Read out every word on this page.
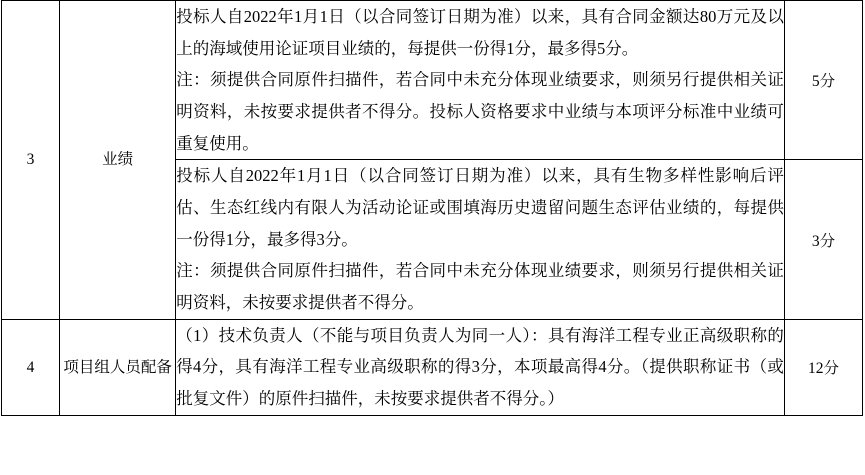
3	业绩	投标人自2022年1月1日（以合同签订日期为准）以来，具有合同金额达80万元及以上的海域使用论证项目业绩的，每提供一份得1分，最多得5分。

注：须提供合同原件扫描件，若合同中未充分体现业绩要求，则须另行提供相关证明资料，未按要求提供者不得分。投标人资格要求中业绩与本项评分标准中业绩可重复使用。	5分

		投标人自2022年1月1日（以合同签订日期为准）以来，具有生物多样性影响后评估、生态红线内有限人为活动论证或围填海历史遗留问题生态评估业绩的，每提供一份得1分，最多得3分。

注：须提供合同原件扫描件，若合同中未充分体现业绩要求，则须另行提供相关证明资料，未按要求提供者不得分。	3分
4	项目组人员配备	（1）技术负责人（不能与项目负责人为同一人）：具有海洋工程专业正高级职称的得4分，具有海洋工程专业高级职称的得3分，本项最高得4分。（提供职称证书（或批复文件）的原件扫描件，未按要求提供者不得分。）	12分
